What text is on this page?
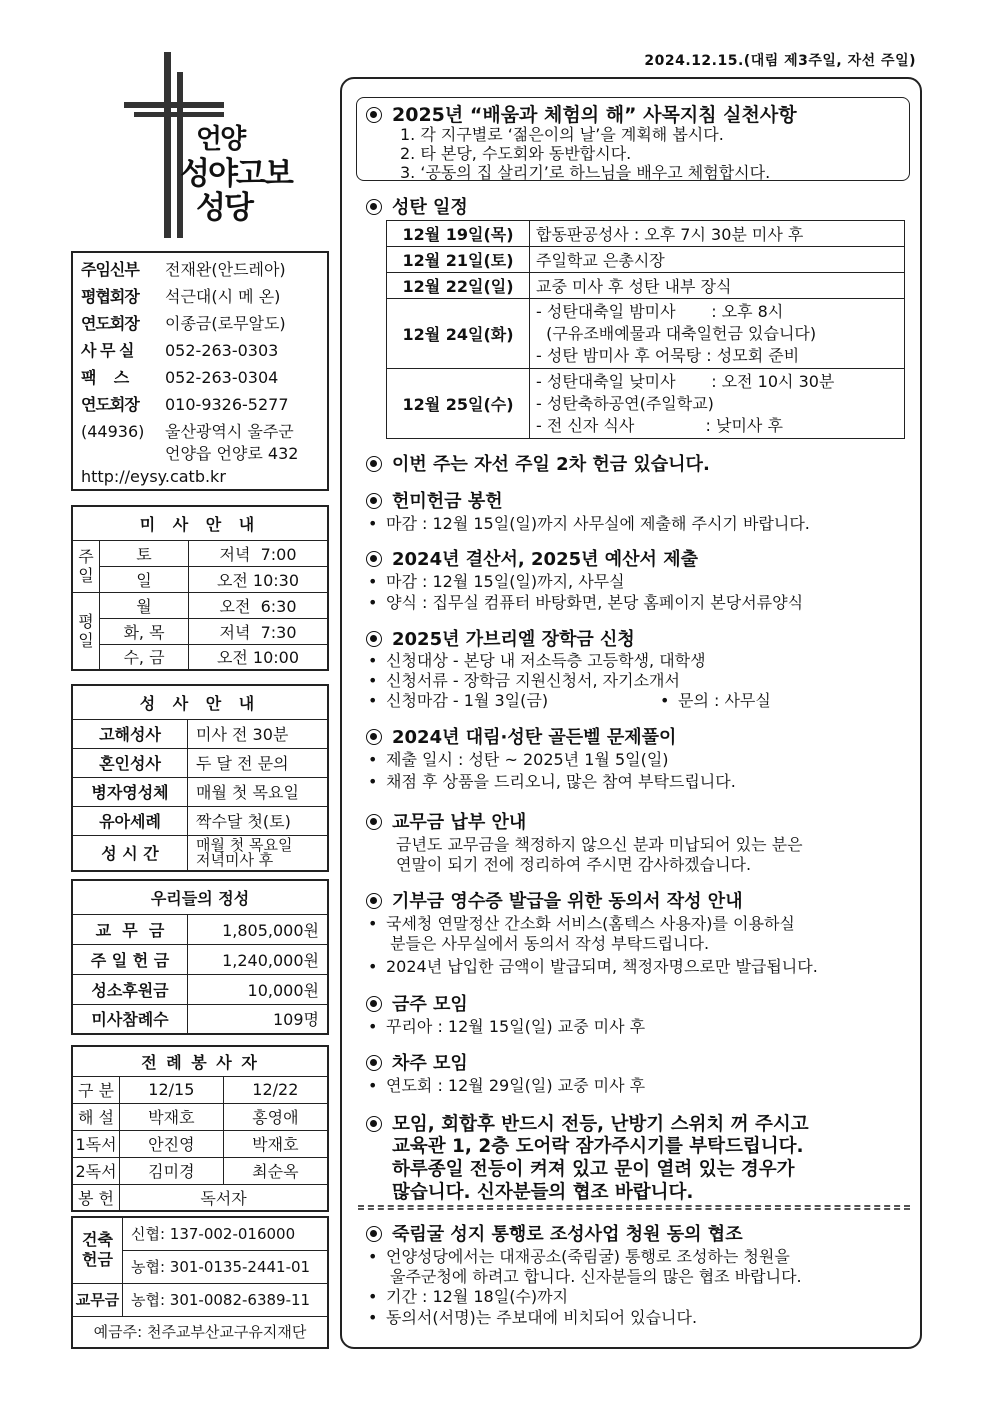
2024.12.15.(대림 제3주일, 자선 주일)
언양
성야고보
성당
주임신부 전재완(안드레아)
평협회장 석근대(시 메 온)
연도회장 이종금(로무알도)
사 무 실 052-263-0303
팩    스 052-263-0304
연도회장 010-9326-5277
(44936) 울산광역시 울주군
언양읍 언양로 432
http://eysy.catb.kr
미 사 안 내		
주일	토	저녁  7:00
	일	오전 10:30
평일	월	오전  6:30
	화, 목	저녁  7:30
	수, 금	오전 10:00
성 사 안 내	
고해성사	미사 전 30분
혼인성사	두 달 전 문의
병자영성체	매월 첫 목요일
유아세례	짝수달 첫(토)
성 시 간	매월 첫 목요일
저녁미사 후
우리들의 정성	
교  무  금	1,805,000원
주 일 헌 금	1,240,000원
성소후원금	10,000원
미사참례수	109명
전 례 봉 사 자		
구 분	12/15	12/22
해 설	박재호	홍영애
1독서	안진영	박재호
2독서	김미경	최순옥
봉 헌	독서자	
건축
헌금
신협: 137-002-016000
농협: 301-0135-2441-01
교무금 농협: 301-0082-6389-11
예금주: 천주교부산교구유지재단
2025년 “배움과 체험의 해” 사목지침 실천사항
1. 각 지구별로 ‘젊은이의 날’을 계획해 봅시다.
2. 타 본당, 수도회와 동반합시다.
3. ‘공동의 집 살리기’로 하느님을 배우고 체험합시다.
성탄 일정
12월 19일(목)	합동판공성사 : 오후 7시 30분 미사 후
12월 21일(토)	주일학교 은총시장
12월 22일(일)	교중 미사 후 성탄 내부 장식
12월 24일(화)	- 성탄대축일 밤미사       : 오후 8시
(구유조배예물과 대축일헌금 있습니다)
- 성탄 밤미사 후 어묵탕 : 성모회 준비

12월 25일(수)	- 성탄대축일 낮미사       : 오전 10시 30분
- 성탄축하공연(주일학교)
- 전 신자 식사              : 낮미사 후
이번 주는 자선 주일 2차 헌금 있습니다.
헌미헌금 봉헌
• 마감 : 12월 15일(일)까지 사무실에 제출해 주시기 바랍니다.
2024년 결산서, 2025년 예산서 제출
• 마감 : 12월 15일(일)까지, 사무실
• 양식 : 집무실 컴퓨터 바탕화면, 본당 홈페이지 본당서류양식
2025년 가브리엘 장학금 신청
• 신청대상 - 본당 내 저소득층 고등학생, 대학생
• 신청서류 - 장학금 지원신청서, 자기소개서
• 신청마감 - 1월 3일(금)	• 문의 : 사무실
2024년 대림·성탄 골든벨 문제풀이
• 제출 일시 : 성탄 ~ 2025년 1월 5일(일)
• 채점 후 상품을 드리오니, 많은 참여 부탁드립니다.
교무금 납부 안내
금년도 교무금을 책정하지 않으신 분과 미납되어 있는 분은
연말이 되기 전에 정리하여 주시면 감사하겠습니다.
기부금 영수증 발급을 위한 동의서 작성 안내
• 국세청 연말정산 간소화 서비스(홈텍스 사용자)를 이용하실
분들은 사무실에서 동의서 작성 부탁드립니다.
• 2024년 납입한 금액이 발급되며, 책정자명으로만 발급됩니다.
금주 모임
• 꾸리아 : 12월 15일(일) 교중 미사 후
차주 모임
• 연도회 : 12월 29일(일) 교중 미사 후
모임, 회합후 반드시 전등, 난방기 스위치 꺼 주시고
교육관 1, 2층 도어락 잠가주시기를 부탁드립니다.
하루종일 전등이 켜져 있고 문이 열려 있는 경우가
많습니다. 신자분들의 협조 바랍니다.
죽림굴 성지 통행로 조성사업 청원 동의 협조
• 언양성당에서는 대재공소(죽림굴) 통행로 조성하는 청원을
울주군청에 하려고 합니다. 신자분들의 많은 협조 바랍니다.
• 기간 : 12월 18일(수)까지
• 동의서(서명)는 주보대에 비치되어 있습니다.
